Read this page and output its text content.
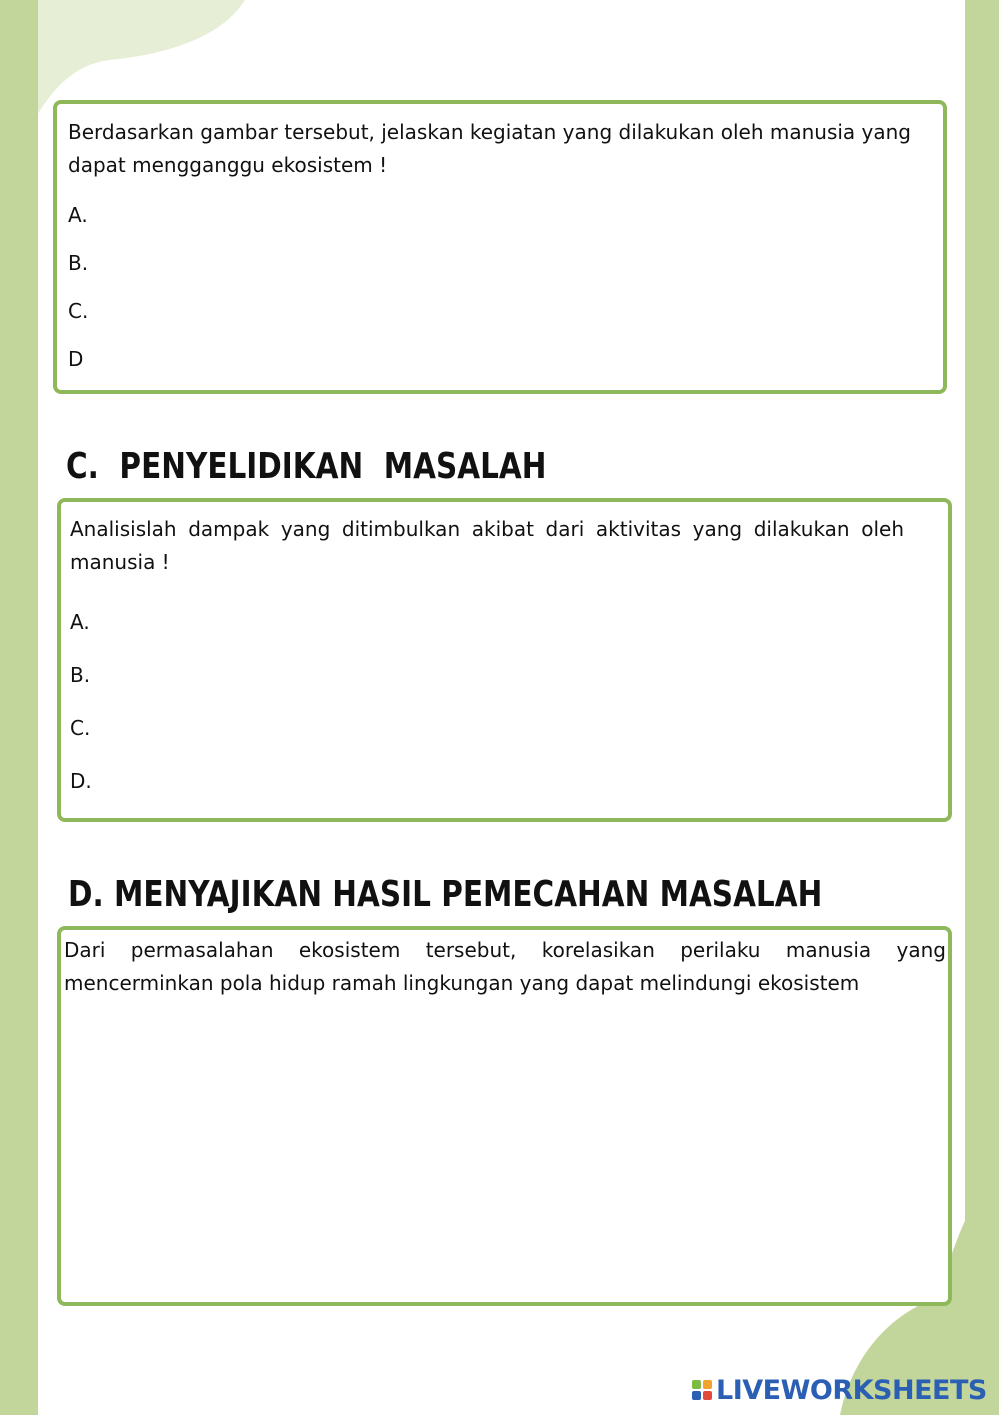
Berdasarkan gambar tersebut, jelaskan kegiatan yang dilakukan oleh manusia yang dapat mengganggu ekosistem !
A.
B.
C.
D
C.  PENYELIDIKAN  MASALAH
Analisislah dampak yang ditimbulkan akibat dari aktivitas yang dilakukan oleh manusia !
A.
B.
C.
D.
D. MENYAJIKAN HASIL PEMECAHAN MASALAH
Dari permasalahan ekosistem tersebut, korelasikan perilaku manusia yang mencerminkan pola hidup ramah lingkungan yang dapat melindungi ekosistem
LIVEWORKSHEETS
